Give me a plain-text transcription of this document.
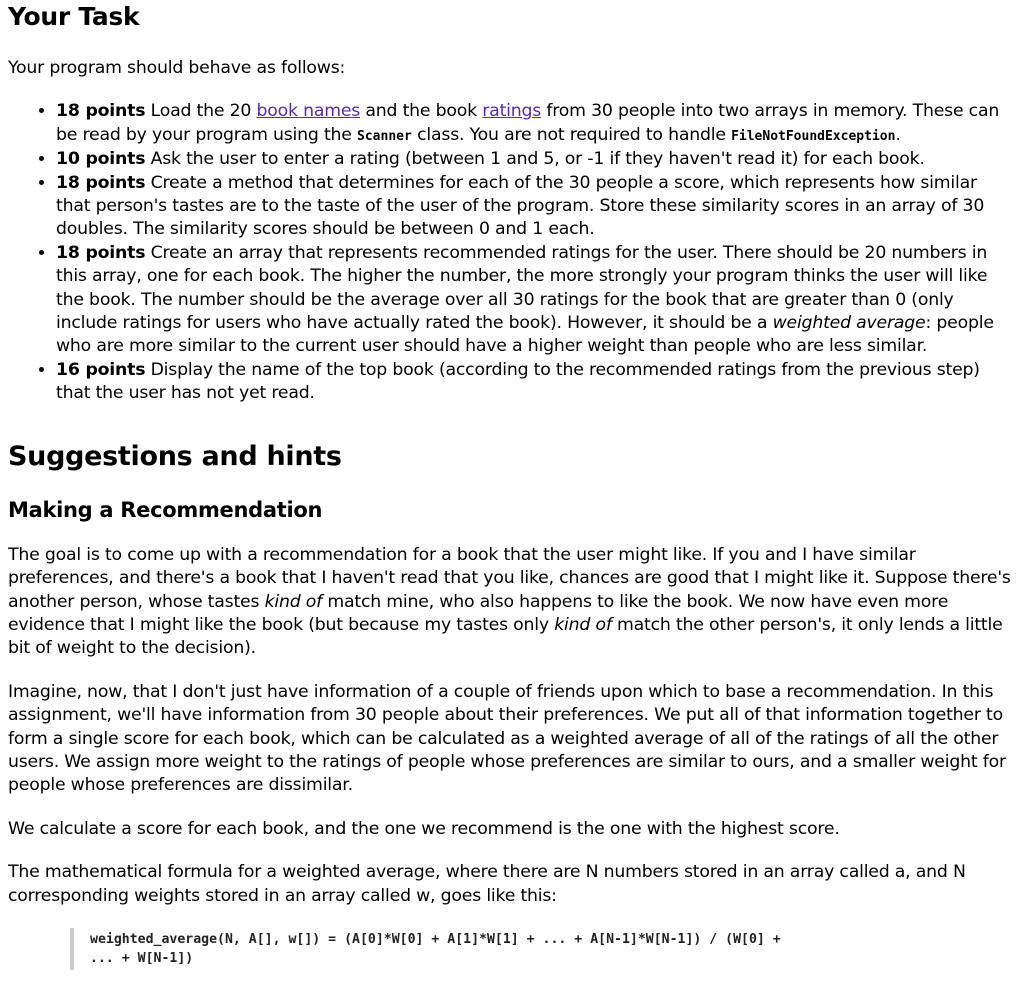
Your Task

Your program should behave as follows:

• 18 points Load the 20 book names and the book ratings from 30 people into two arrays in memory. These can be read by your program using the Scanner class. You are not required to handle FileNotFoundException.
• 10 points Ask the user to enter a rating (between 1 and 5, or -1 if they haven't read it) for each book.
• 18 points Create a method that determines for each of the 30 people a score, which represents how similar that person's tastes are to the taste of the user of the program. Store these similarity scores in an array of 30 doubles. The similarity scores should be between 0 and 1 each.
• 18 points Create an array that represents recommended ratings for the user. There should be 20 numbers in this array, one for each book. The higher the number, the more strongly your program thinks the user will like the book. The number should be the average over all 30 ratings for the book that are greater than 0 (only include ratings for users who have actually rated the book). However, it should be a weighted average: people who are more similar to the current user should have a higher weight than people who are less similar.
• 16 points Display the name of the top book (according to the recommended ratings from the previous step) that the user has not yet read.
Suggestions and hints
Making a Recommendation

The goal is to come up with a recommendation for a book that the user might like. If you and I have similar preferences, and there's a book that I haven't read that you like, chances are good that I might like it. Suppose there's another person, whose tastes kind of match mine, who also happens to like the book. We now have even more evidence that I might like the book (but because my tastes only kind of match the other person's, it only lends a little bit of weight to the decision).

Imagine, now, that I don't just have information of a couple of friends upon which to base a recommendation. In this assignment, we'll have information from 30 people about their preferences. We put all of that information together to form a single score for each book, which can be calculated as a weighted average of all of the ratings of all the other users. We assign more weight to the ratings of people whose preferences are similar to ours, and a smaller weight for people whose preferences are dissimilar.

We calculate a score for each book, and the one we recommend is the one with the highest score.

The mathematical formula for a weighted average, where there are N numbers stored in an array called a, and N corresponding weights stored in an array called w, goes like this:

weighted_average(N, A[], w[]) = (A[0]*W[0] + A[1]*W[1] + ... + A[N-1]*W[N-1]) / (W[0] +
... + W[N-1])
